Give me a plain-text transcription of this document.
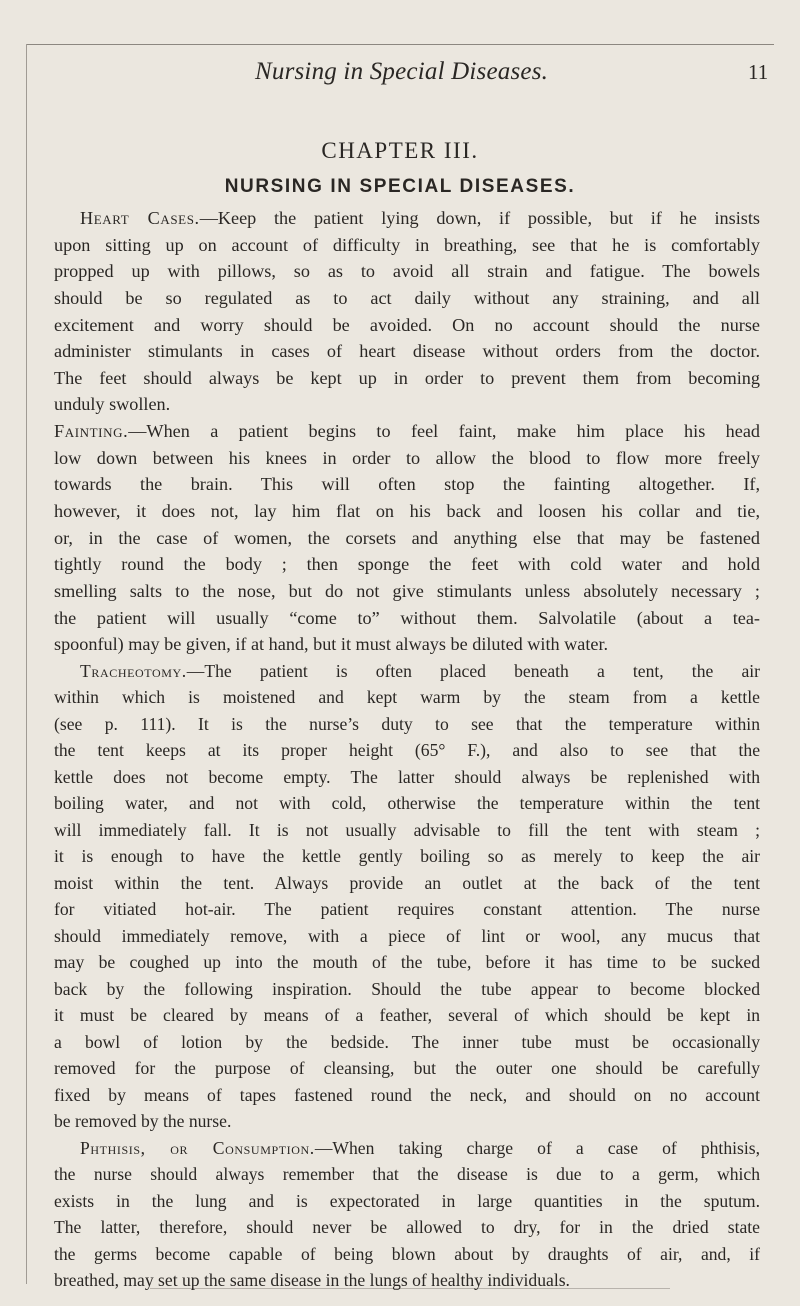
Nursing in Special Diseases.	11
CHAPTER III.
NURSING IN SPECIAL DISEASES.
Heart Cases.—Keep the patient lying down, if possible, but if he insists
upon sitting up on account of difficulty in breathing, see that he is comfortably
propped up with pillows, so as to avoid all strain and fatigue. The bowels
should be so regulated as to act daily without any straining, and all
excitement and worry should be avoided. On no account should the nurse
administer stimulants in cases of heart disease without orders from the doctor.
The feet should always be kept up in order to prevent them from becoming
unduly swollen.
Fainting.—When a patient begins to feel faint, make him place his head
low down between his knees in order to allow the blood to flow more freely
towards the brain. This will often stop the fainting altogether. If,
however, it does not, lay him flat on his back and loosen his collar and tie,
or, in the case of women, the corsets and anything else that may be fastened
tightly round the body ; then sponge the feet with cold water and hold
smelling salts to the nose, but do not give stimulants unless absolutely necessary ;
the patient will usually “come to” without them. Salvolatile (about a tea-
spoonful) may be given, if at hand, but it must always be diluted with water.
Tracheotomy.—The patient is often placed beneath a tent, the air
within which is moistened and kept warm by the steam from a kettle
(see p. 111). It is the nurse’s duty to see that the temperature within
the tent keeps at its proper height (65° F.), and also to see that the
kettle does not become empty. The latter should always be replenished with
boiling water, and not with cold, otherwise the temperature within the tent
will immediately fall. It is not usually advisable to fill the tent with steam ;
it is enough to have the kettle gently boiling so as merely to keep the air
moist within the tent. Always provide an outlet at the back of the tent
for vitiated hot-air. The patient requires constant attention. The nurse
should immediately remove, with a piece of lint or wool, any mucus that
may be coughed up into the mouth of the tube, before it has time to be sucked
back by the following inspiration. Should the tube appear to become blocked
it must be cleared by means of a feather, several of which should be kept in
a bowl of lotion by the bedside. The inner tube must be occasionally
removed for the purpose of cleansing, but the outer one should be carefully
fixed by means of tapes fastened round the neck, and should on no account
be removed by the nurse.
Phthisis, or Consumption.—When taking charge of a case of phthisis,
the nurse should always remember that the disease is due to a germ, which
exists in the lung and is expectorated in large quantities in the sputum.
The latter, therefore, should never be allowed to dry, for in the dried state
the germs become capable of being blown about by draughts of air, and, if
breathed, may set up the same disease in the lungs of healthy individuals.
